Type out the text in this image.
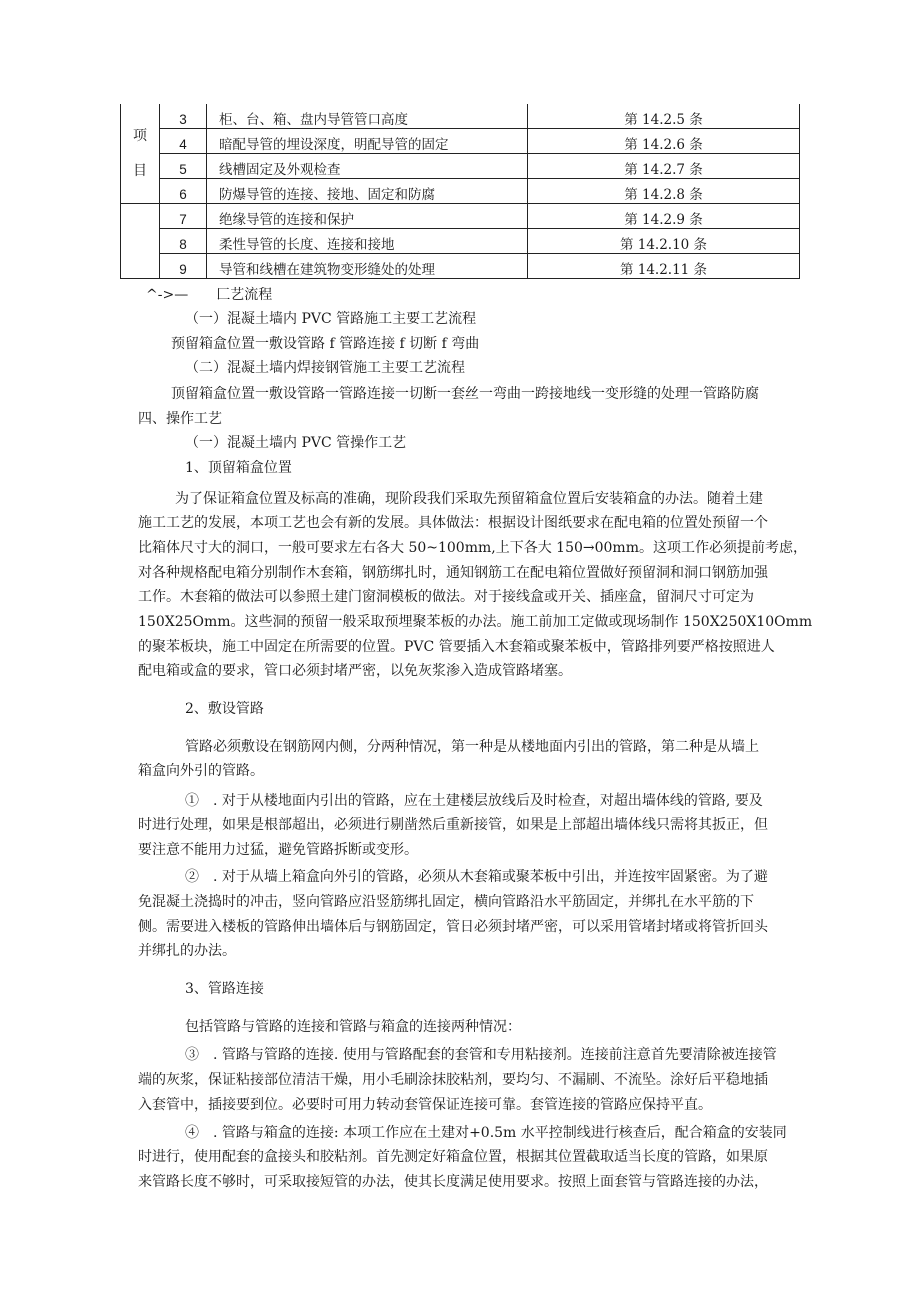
项
目	3	柜、台、箱、盘内导管管口高度	第 14.2.5 条
	4	暗配导管的埋设深度，明配导管的固定	第 14.2.6 条
	5	线槽固定及外观检查	第 14.2.7 条
	6	防爆导管的连接、接地、固定和防腐	第 14.2.8 条
	7	绝缘导管的连接和保护	第 14.2.9 条
	8	柔性导管的长度、连接和接地	第 14.2.10 条
	9	导管和线槽在建筑物变形缝处的处理	第 14.2.11 条
^->—　　匚艺流程
（一）混凝土墙内 PVC 管路施工主要工艺流程
预留箱盒位置一敷设管路 f 管路连接 f 切断 f 弯曲
（二）混凝土墙内焊接钢管施工主要工艺流程
顶留箱盒位置一敷设管路一管路连接一切断一套丝一弯曲一跨接地线一变形缝的处理一管路防腐
四、操作工艺
（一）混凝土墙内 PVC 管操作工艺
1、顶留箱盒位置
为了保证箱盒位置及标高的准确，现阶段我们采取先预留箱盒位置后安装箱盒的办法。随着土建
施工工艺的发展，本项工艺也会有新的发展。具体做法：根据设计图纸要求在配电箱的位置处预留一个
比箱体尺寸大的洞口，一般可要求左右各大 50~100mm,上下各大 150→00mm。这项工作必须提前考虑，
对各种规格配电箱分别制作木套箱，钢筋绑扎时，通知钢筋工在配电箱位置做好预留洞和洞口钢筋加强
工作。木套箱的做法可以参照土建门窗洞模板的做法。对于接线盒或开关、插座盒，留洞尺寸可定为
150X25Omm。这些洞的预留一般采取预埋聚苯板的办法。施工前加工定做或现场制作 150X250X10Omm
的聚苯板块，施工中固定在所需要的位置。PVC 管要插入木套箱或聚苯板中，管路排列要严格按照进人
配电箱或盒的要求，管口必须封堵严密，以免灰浆渗入造成管路堵塞。
2、敷设管路
管路必须敷设在钢筋网内侧，分两种情况，第一种是从楼地面内引出的管路，第二种是从墙上
箱盒向外引的管路。
①　. 对于从楼地面内引出的管路，应在土建楼层放线后及时检查，对超出墙体线的管路, 要及
时进行处理，如果是根部超出，必须进行剔凿然后重新接管，如果是上部超出墙体线只需将其扳正，但
要注意不能用力过猛，避免管路拆断或变形。
②　. 对于从墙上箱盒向外引的管路，必须从木套箱或聚苯板中引出，并连按牢固紧密。为了避
免混凝土浇捣时的冲击，竖向管路应沿竖筋绑扎固定，横向管路沿水平筋固定，并绑扎在水平筋的下
侧。需要进入楼板的管路伸出墙体后与钢筋固定，管日必须封堵严密，可以采用管堵封堵或将管折回头
并绑扎的办法。
3、管路连接
包括管路与管路的连接和管路与箱盒的连接两种情况：
③　. 管路与管路的连接. 使用与管路配套的套管和专用粘接剂。连接前注意首先要清除被连接管
端的灰浆，保证粘接部位清洁干燥，用小毛刷涂抹胶粘剂，要均匀、不漏刷、不流坠。涂好后平稳地插
入套管中，插接要到位。必要时可用力转动套管保证连接可靠。套管连接的管路应保持平直。
④　. 管路与箱盒的连接: 本项工作应在土建对+0.5m 水平控制线进行核查后，配合箱盒的安装同
时进行，使用配套的盒接头和胶粘剂。首先测定好箱盒位置，根据其位置截取适当长度的管路，如果原
来管路长度不够时，可采取接短管的办法，使其长度满足使用要求。按照上面套管与管路连接的办法，
